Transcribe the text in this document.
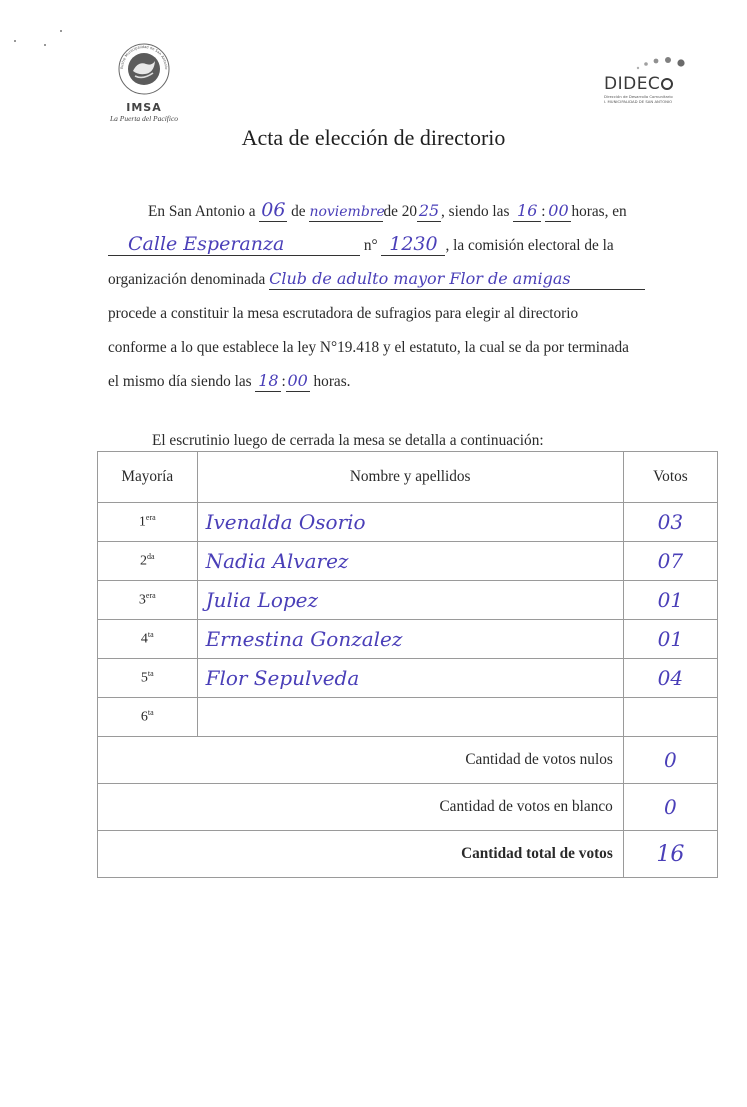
Ilustre Municipalidad de San Antonio
IMSA
La Puerta del Pacífico
DIDEC
Dirección de Desarrollo Comunitario
I. MUNICIPALIDAD DE SAN ANTONIO
Acta de elección de directorio
En San Antonio a 06 de noviembrede 20 25 , siendo las 16 : 00 horas, en
Calle Esperanza	n° 1230 , la comisión electoral de la
organización denominada Club de adulto mayor Flor de amigas
procede a constituir la mesa escrutadora de sufragios para elegir al directorio
conforme a lo que establece la ley N°19.418 y el estatuto, la cual se da por terminada
el mismo día siendo las 18 : 00 horas.
El escrutinio luego de cerrada la mesa se detalla a continuación:
Mayoría	Nombre y apellidos	Votos
$1^{era}$	Ivenalda Osorio	03
$2^{da}$	Nadia Alvarez	07
$3^{era}$	Julia Lopez	01
$4^{ta}$	Ernestina Gonzalez	01
$5^{ta}$	Flor Sepulveda	04
$6^{ta}$		
Cantidad de votos nulos		0
Cantidad de votos en blanco		0
Cantidad total de votos		16
